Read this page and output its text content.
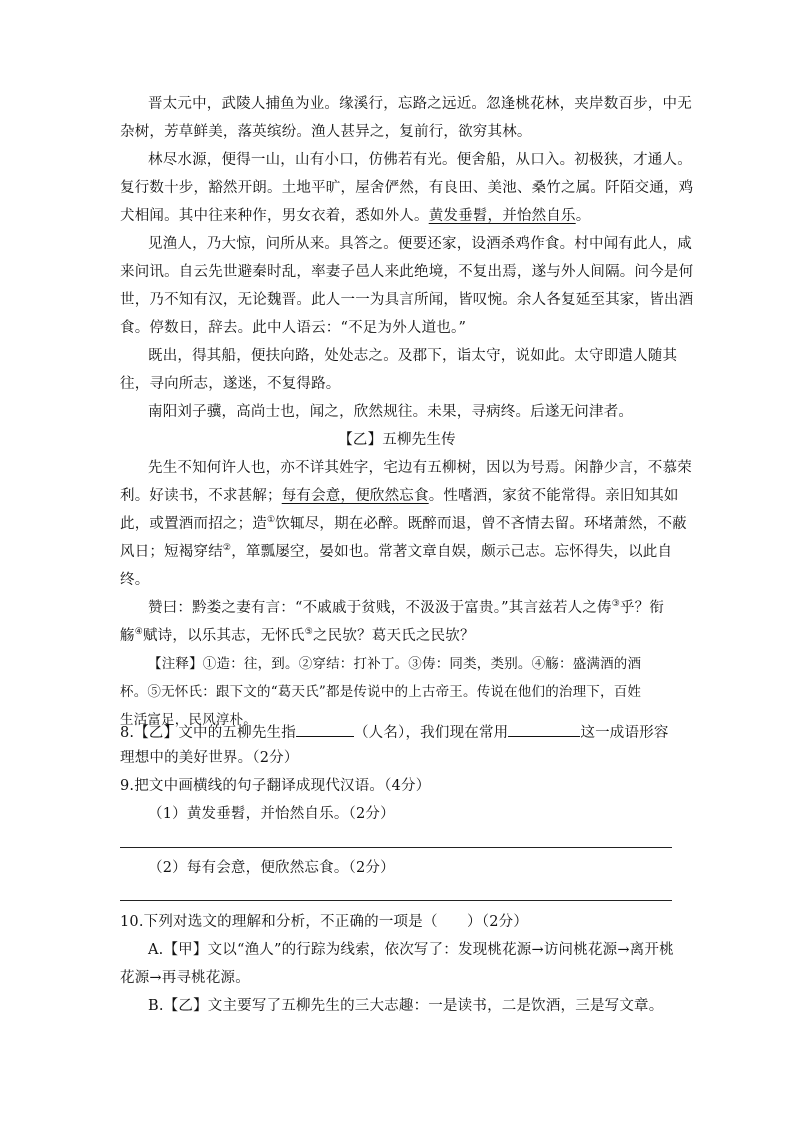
晋太元中，武陵人捕鱼为业。缘溪行，忘路之远近。忽逢桃花林，夹岸数百步，中无
杂树，芳草鲜美，落英缤纷。渔人甚异之，复前行，欲穷其林。
林尽水源，便得一山，山有小口，仿佛若有光。便舍船，从口入。初极狭，才通人。
复行数十步，豁然开朗。土地平旷，屋舍俨然，有良田、美池、桑竹之属。阡陌交通，鸡
犬相闻。其中往来种作，男女衣着，悉如外人。黄发垂髫，并怡然自乐。
见渔人，乃大惊，问所从来。具答之。便要还家，设酒杀鸡作食。村中闻有此人，咸
来问讯。自云先世避秦时乱，率妻子邑人来此绝境，不复出焉，遂与外人间隔。问今是何
世，乃不知有汉，无论魏晋。此人一一为具言所闻，皆叹惋。余人各复延至其家，皆出酒
食。停数日，辞去。此中人语云：“不足为外人道也。”
既出，得其船，便扶向路，处处志之。及郡下，诣太守，说如此。太守即遣人随其
往，寻向所志，遂迷，不复得路。
南阳刘子骥，高尚士也，闻之，欣然规往。未果，寻病终。后遂无问津者。
【乙】五柳先生传
先生不知何许人也，亦不详其姓字，宅边有五柳树，因以为号焉。闲静少言，不慕荣
利。好读书，不求甚解；每有会意，便欣然忘食。性嗜酒，家贫不能常得。亲旧知其如
此，或置酒而招之；造①饮辄尽，期在必醉。既醉而退，曾不吝情去留。环堵萧然，不蔽
风日；短褐穿结②，箪瓢屡空，晏如也。常著文章自娱，颇示己志。忘怀得失，以此自
终。
赞曰：黔娄之妻有言：“不戚戚于贫贱，不汲汲于富贵。”其言兹若人之俦③乎？衔
觞④赋诗，以乐其志，无怀氏⑤之民欤？葛天氏之民欤？
【注释】①造：往，到。②穿结：打补丁。③俦：同类，类别。④觞：盛满酒的酒
杯。⑤无怀氏：跟下文的“葛天氏”都是传说中的上古帝王。传说在他们的治理下，百姓
生活富足，民风淳朴。
8.【乙】文中的五柳先生指	（人名），我们现在常用	这一成语形容
理想中的美好世界。（2分）
9.把文中画横线的句子翻译成现代汉语。（4分）
（1）黄发垂髫，并怡然自乐。（2分）
（2）每有会意，便欣然忘食。（2分）
10.下列对选文的理解和分析，不正确的一项是（　　）（2分）
A.【甲】文以“渔人”的行踪为线索，依次写了：发现桃花源→访问桃花源→离开桃
花源→再寻桃花源。
B.【乙】文主要写了五柳先生的三大志趣：一是读书，二是饮酒，三是写文章。
